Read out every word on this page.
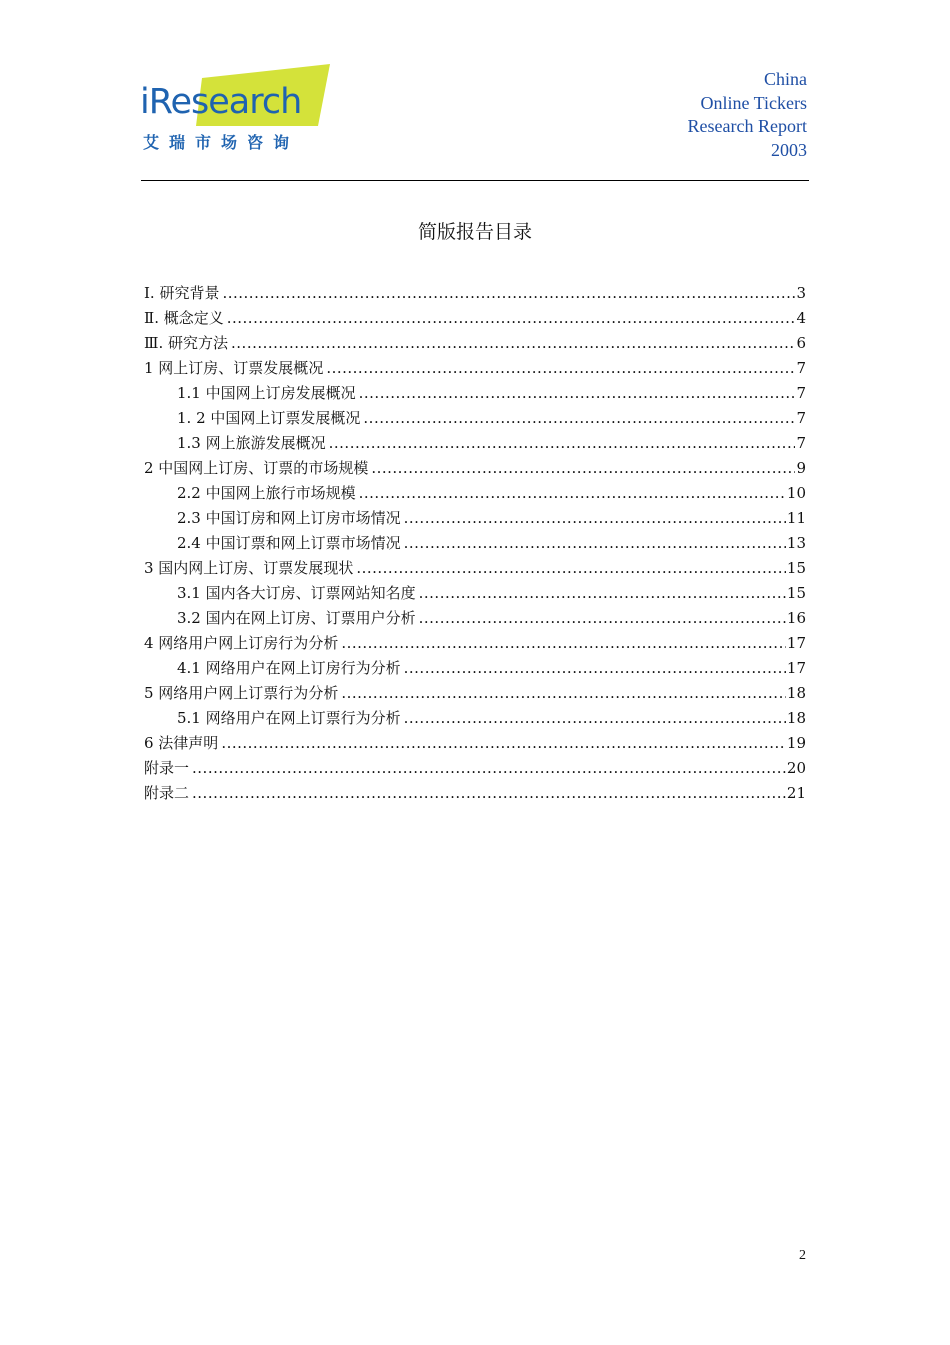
iResearch
艾瑞市场咨询
China
Online Tickers
Research Report
2003
简版报告目录
Ⅰ. 研究背景 .....	3
Ⅱ. 概念定义 .....	4
Ⅲ. 研究方法 .....	6
1 网上订房、订票发展概况 .....	7
1.1 中国网上订房发展概况 .....	7
1. 2 中国网上订票发展概况 .....	7
1.3 网上旅游发展概况 .....	7
2 中国网上订房、订票的市场规模 .....	9
2.2 中国网上旅行市场规模 .....	10
2.3 中国订房和网上订房市场情况 .....	11
2.4 中国订票和网上订票市场情况 .....	13
3 国内网上订房、订票发展现状 .....	15
3.1 国内各大订房、订票网站知名度 .....	15
3.2 国内在网上订房、订票用户分析 .....	16
4 网络用户网上订房行为分析 .....	17
4.1 网络用户在网上订房行为分析 .....	17
5 网络用户网上订票行为分析 .....	18
5.1 网络用户在网上订票行为分析 .....	18
6 法律声明 .....	19
附录一 .....	20
附录二 .....	21
2
